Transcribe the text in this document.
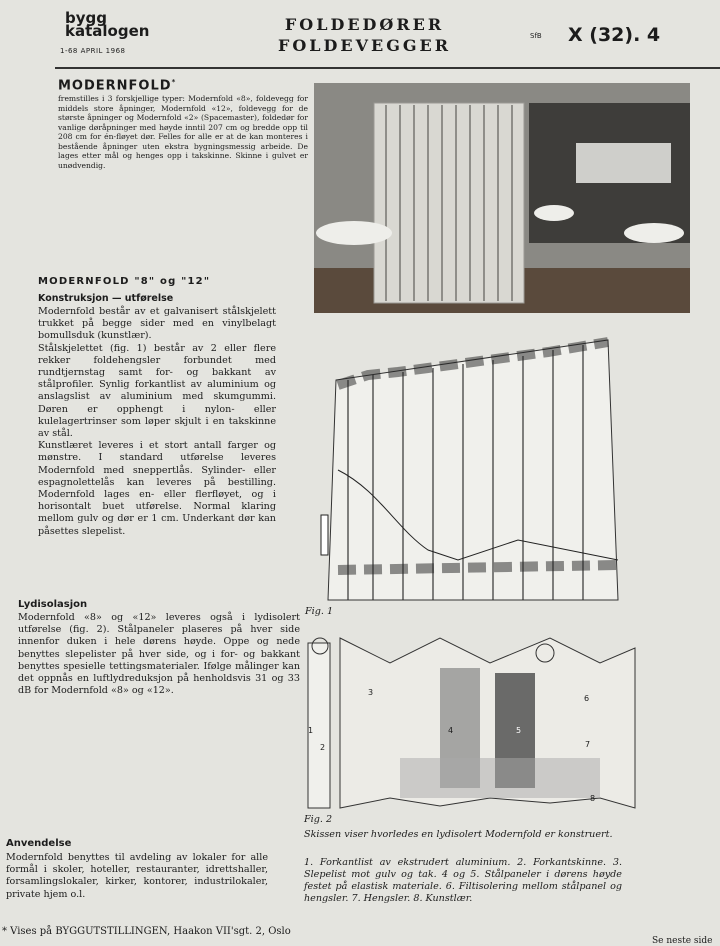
bygg
katalogen
1-68 APRIL 1968
FOLDEDØRER
FOLDEVEGGER	SfB X (32). 4
MODERNFOLD*
fremstilles i 3 forskjellige typer: Modernfold «8», foldevegg for middels store åpninger, Modernfold «12», foldevegg for de største åpninger og Modernfold «2» (Spacemaster), foldedør for vanlige døråpninger med høyde inntil 207 cm og bredde opp til 208 cm for én-fløyet dør. Felles for alle er at de kan monteres i bestående åpninger uten ekstra bygningsmessig arbeide. De lages etter mål og henges opp i takskinne. Skinne i gulvet er unødvendig.
MODERNFOLD "8" og "12"
Konstruksjon — utførelse
Modernfold består av et galvanisert stålskjelett trukket på begge sider med en vinylbelagt bomullsduk (kunstlær).
Stålskjelettet (fig. 1) består av 2 eller flere rekker foldehengsler forbundet med rundtjernstag samt for- og bakkant av stålprofiler. Synlig forkantlist av aluminium og anslagslist av aluminium med skumgummi. Døren er opphengt i nylon- eller kulelagertrinser som løper skjult i en takskinne av stål.
Kunstlæret leveres i et stort antall farger og mønstre. I standard utførelse leveres Modernfold med sneppertlås. Sylinder- eller espagnolettelås kan leveres på bestilling. Modernfold lages en- eller flerfløyet, og i horisontalt buet utførelse. Normal klaring mellom gulv og dør er 1 cm. Underkant dør kan påsettes slepelist.
Fig. 1
Lydisolasjon
Modernfold «8» og «12» leveres også i lydisolert utførelse (fig. 2). Stålpaneler plaseres på hver side innenfor duken i hele dørens høyde. Oppe og nede benyttes slepelister på hver side, og i for- og bakkant benyttes spesielle tettingsmaterialer. Ifølge målinger kan det oppnås en luftlydreduksjon på henholdsvis 31 og 33 dB for Modernfold «8» og «12».
1
2
3
4	5
6
7
8
Fig. 2
Skissen viser hvorledes en lydisolert Modernfold er konstruert.
1. Forkantlist av ekstrudert aluminium. 2. Forkantskinne. 3. Slepelist mot gulv og tak. 4 og 5. Stålpaneler i dørens høyde festet på elastisk materiale. 6. Filtisolering mellom stålpanel og hengsler. 7. Hengsler. 8. Kunstlær.
Anvendelse
Modernfold benyttes til avdeling av lokaler for alle formål i skoler, hoteller, restauranter, idrettshaller, forsamlingslokaler, kirker, kontorer, industrilokaler, private hjem o.l.
* Vises på BYGGUTSTILLINGEN, Haakon VII'sgt. 2, Oslo
Se neste side
